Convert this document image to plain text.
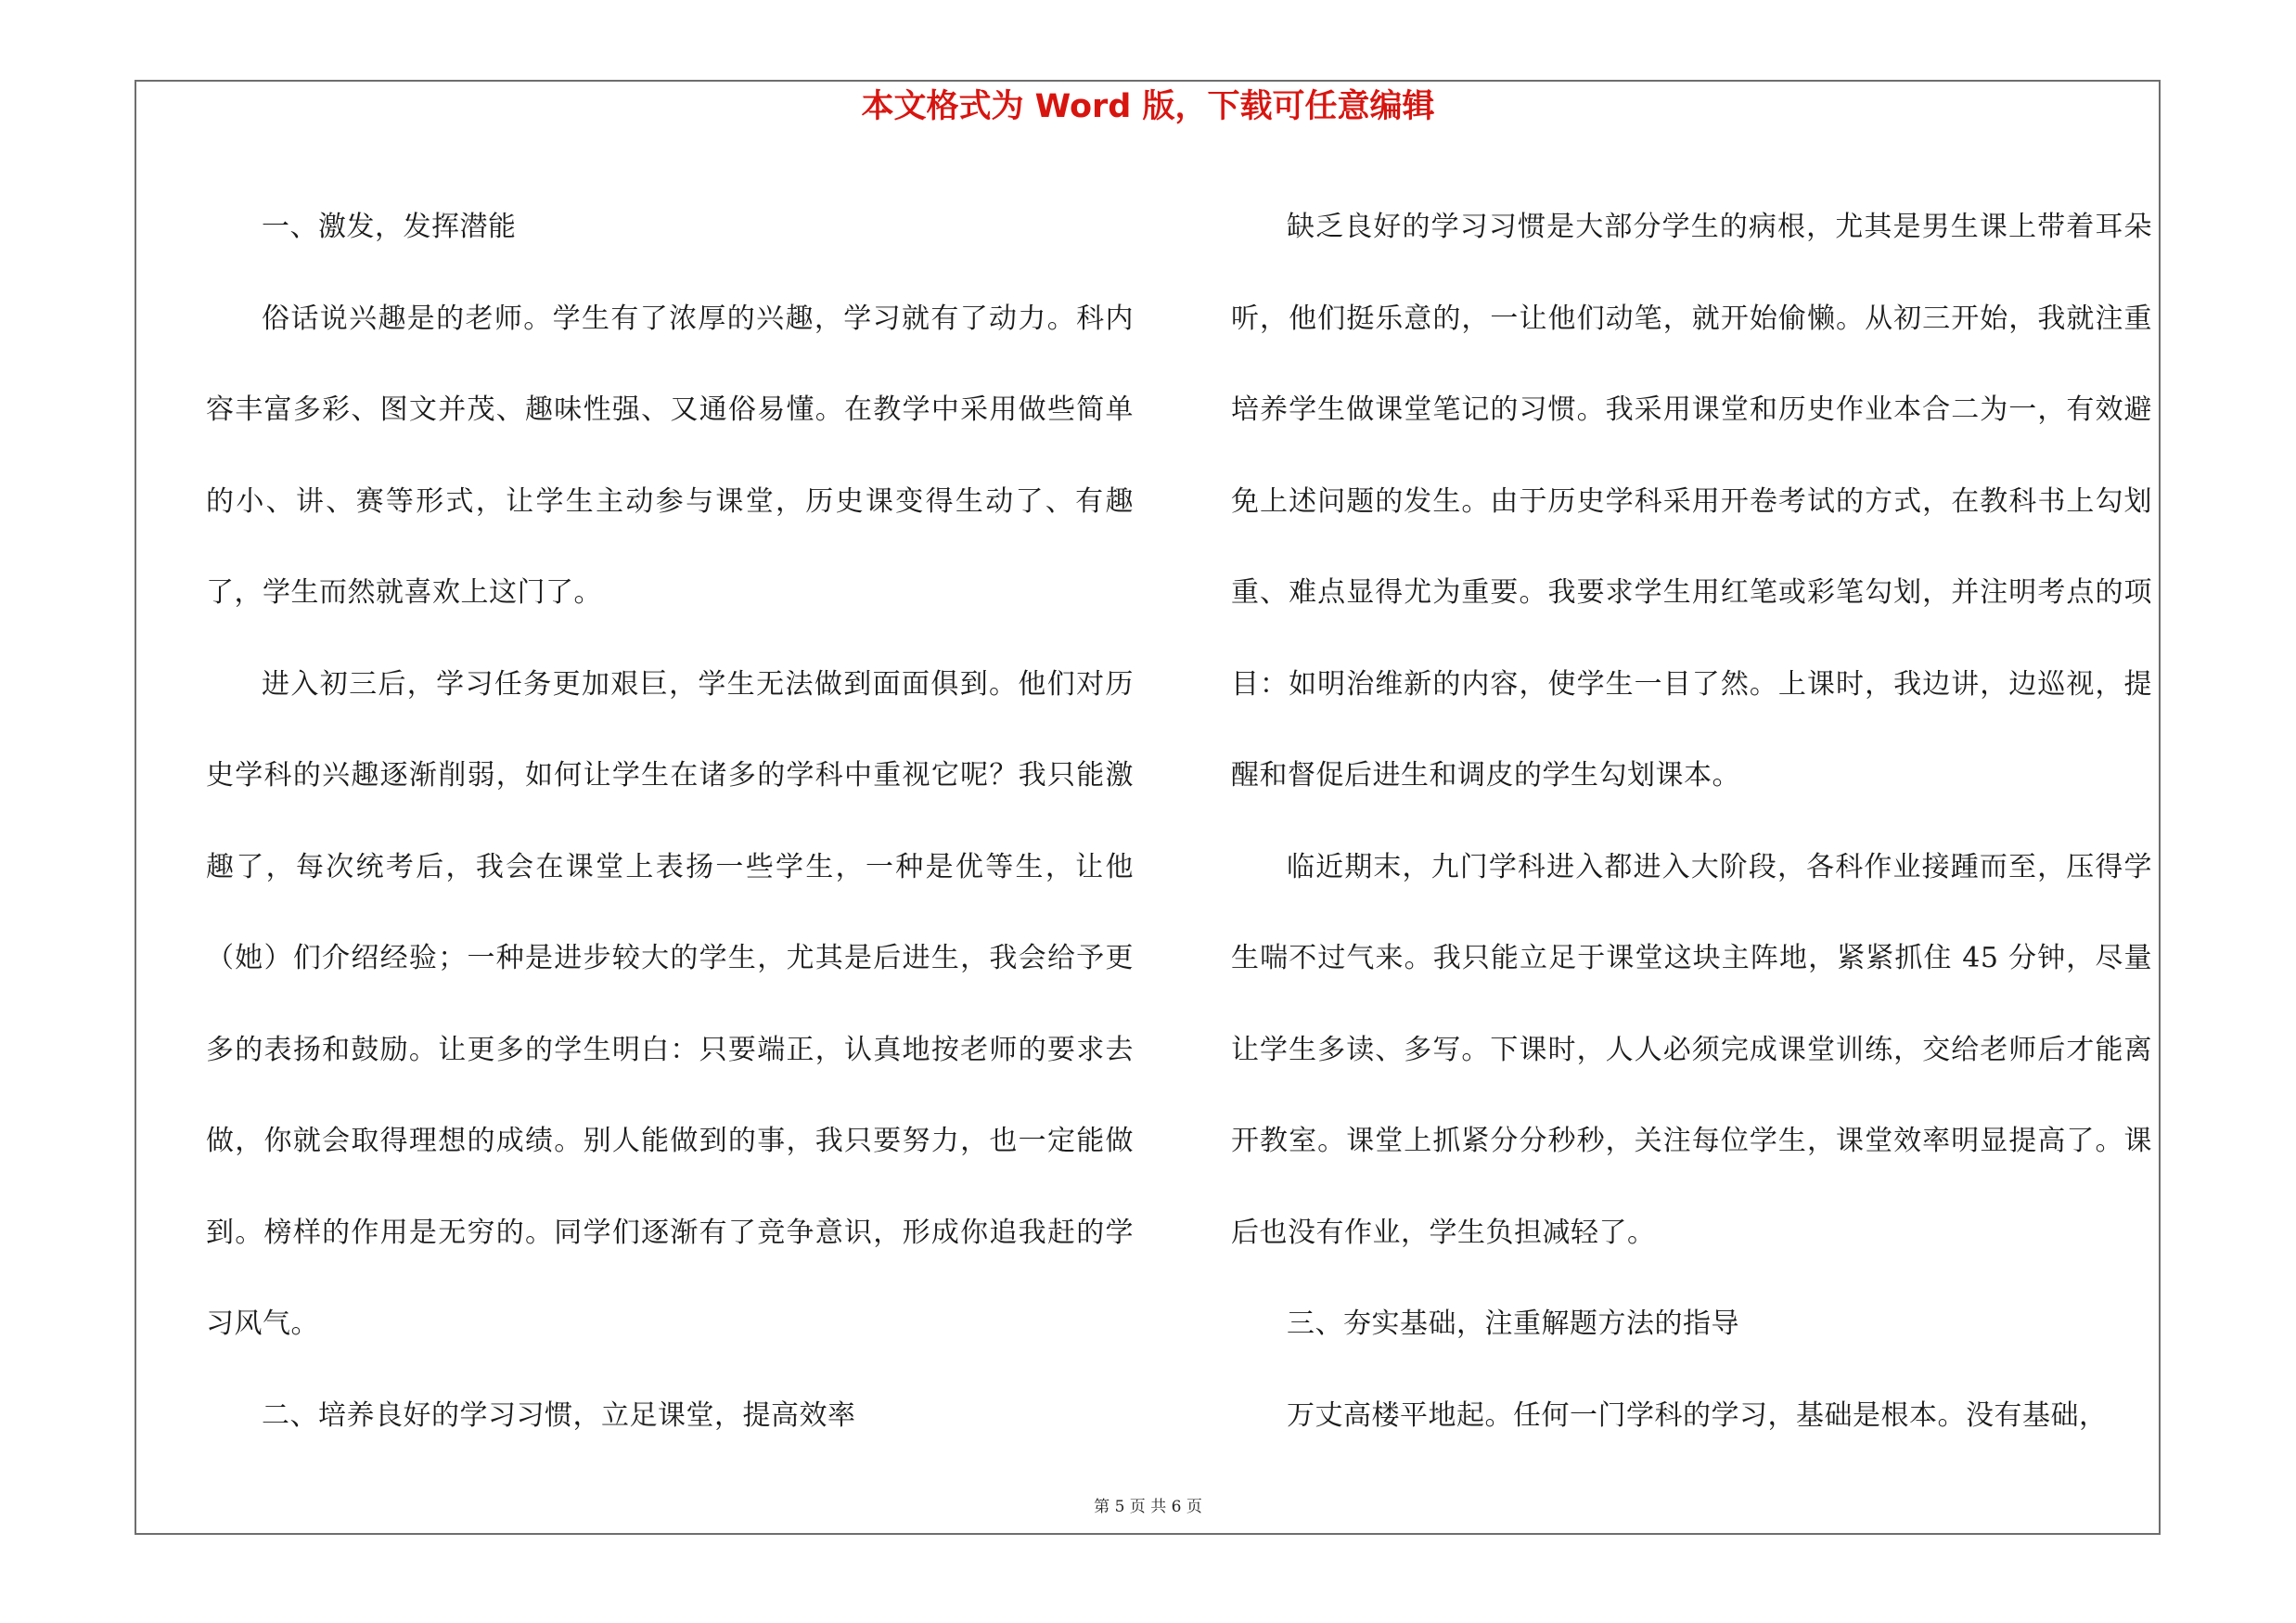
本文格式为 Word 版，下载可任意编辑

一、激发，发挥潜能

俗话说兴趣是的老师。学生有了浓厚的兴趣，学习就有了动力。科内容丰富多彩、图文并茂、趣味性强、又通俗易懂。在教学中采用做些简单的小、讲、赛等形式，让学生主动参与课堂，历史课变得生动了、有趣了，学生而然就喜欢上这门了。

进入初三后，学习任务更加艰巨，学生无法做到面面俱到。他们对历史学科的兴趣逐渐削弱，如何让学生在诸多的学科中重视它呢？我只能激趣了，每次统考后，我会在课堂上表扬一些学生，一种是优等生，让他（她）们介绍经验；一种是进步较大的学生，尤其是后进生，我会给予更多的表扬和鼓励。让更多的学生明白：只要端正，认真地按老师的要求去做，你就会取得理想的成绩。别人能做到的事，我只要努力，也一定能做到。榜样的作用是无穷的。同学们逐渐有了竞争意识，形成你追我赶的学习风气。

二、培养良好的学习习惯，立足课堂，提高效率

缺乏良好的学习习惯是大部分学生的病根，尤其是男生课上带着耳朵听，他们挺乐意的，一让他们动笔，就开始偷懒。从初三开始，我就注重培养学生做课堂笔记的习惯。我采用课堂和历史作业本合二为一，有效避免上述问题的发生。由于历史学科采用开卷考试的方式，在教科书上勾划重、难点显得尤为重要。我要求学生用红笔或彩笔勾划，并注明考点的项目：如明治维新的内容，使学生一目了然。上课时，我边讲，边巡视，提醒和督促后进生和调皮的学生勾划课本。

临近期末，九门学科进入都进入大阶段，各科作业接踵而至，压得学生喘不过气来。我只能立足于课堂这块主阵地，紧紧抓住 45 分钟，尽量让学生多读、多写。下课时，人人必须完成课堂训练，交给老师后才能离开教室。课堂上抓紧分分秒秒，关注每位学生，课堂效率明显提高了。课后也没有作业，学生负担减轻了。

三、夯实基础，注重解题方法的指导

万丈高楼平地起。任何一门学科的学习，基础是根本。没有基础，

第 5 页 共 6 页
